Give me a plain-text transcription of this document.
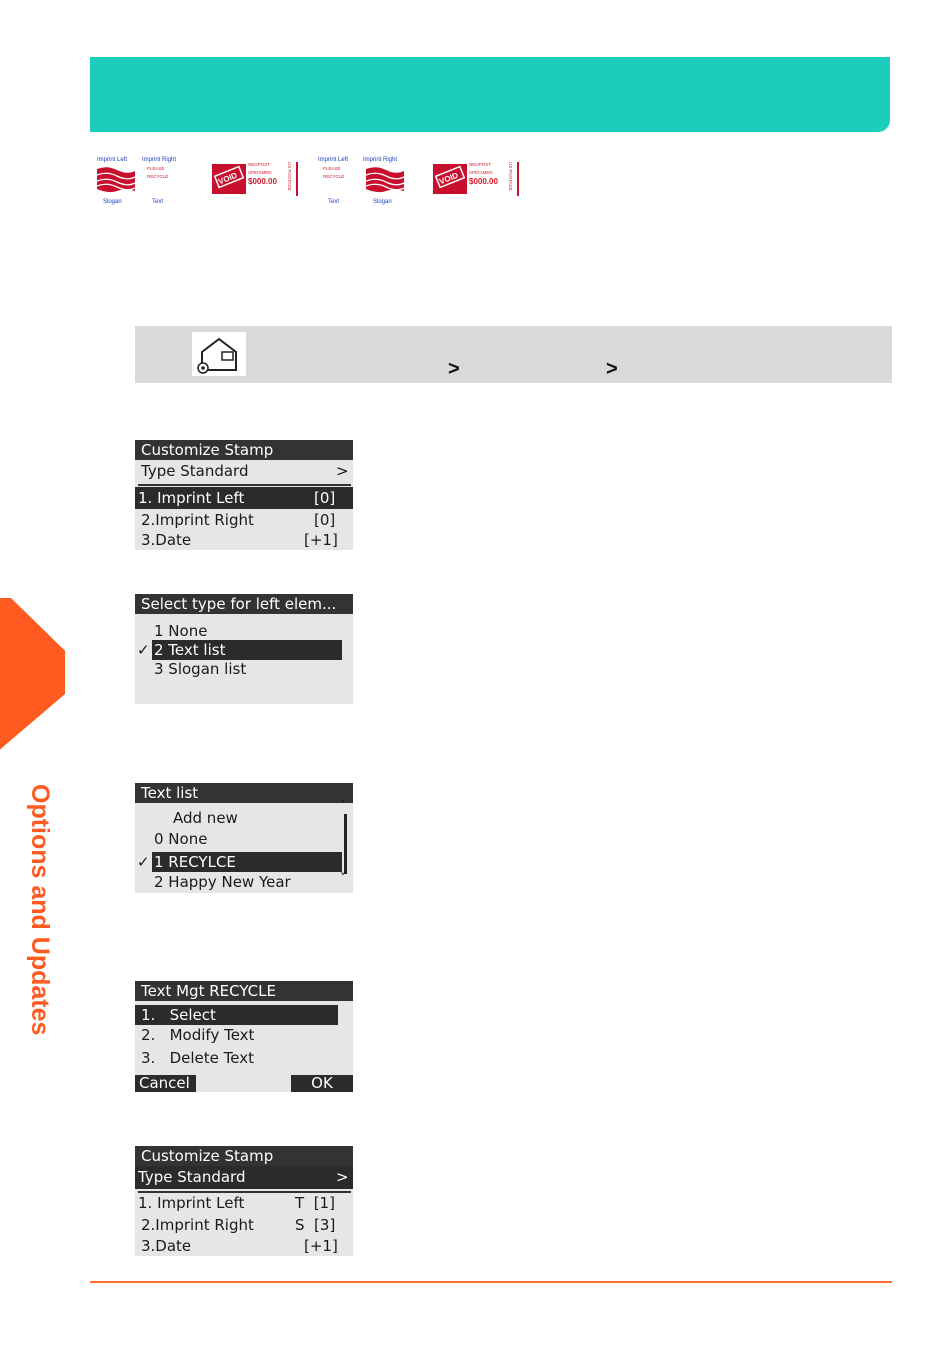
Imprint Left Imprint Right
PLEASE
RECYCLE
Slogan	Text
VOID
NEOPOST
SPECIMEN
$000.00 US POSTAGE
Imprint Left Imprint Right
PLEASE
RECYCLE
Text	Slogan
VOID
NEOPOST
SPECIMEN
$000.00 US POSTAGE
>	>
Customize Stamp
Type Standard	>
1. Imprint Left	[0]
2.Imprint Right	[0]
3.Date	[+1]
Select type for left elem...
1 None
✓ 2 Text list
3 Slogan list
Text list
Add new
0 None
✓ 1 RECYLCE
2 Happy New Year
˄
˅
Text Mgt RECYCLE
1.   Select
2.   Modify Text
3.   Delete Text
Cancel	OK
Customize Stamp
Type Standard	>
1. Imprint Left	T  [1]
2.Imprint Right	S  [3]
3.Date	[+1]
Options and Updates
